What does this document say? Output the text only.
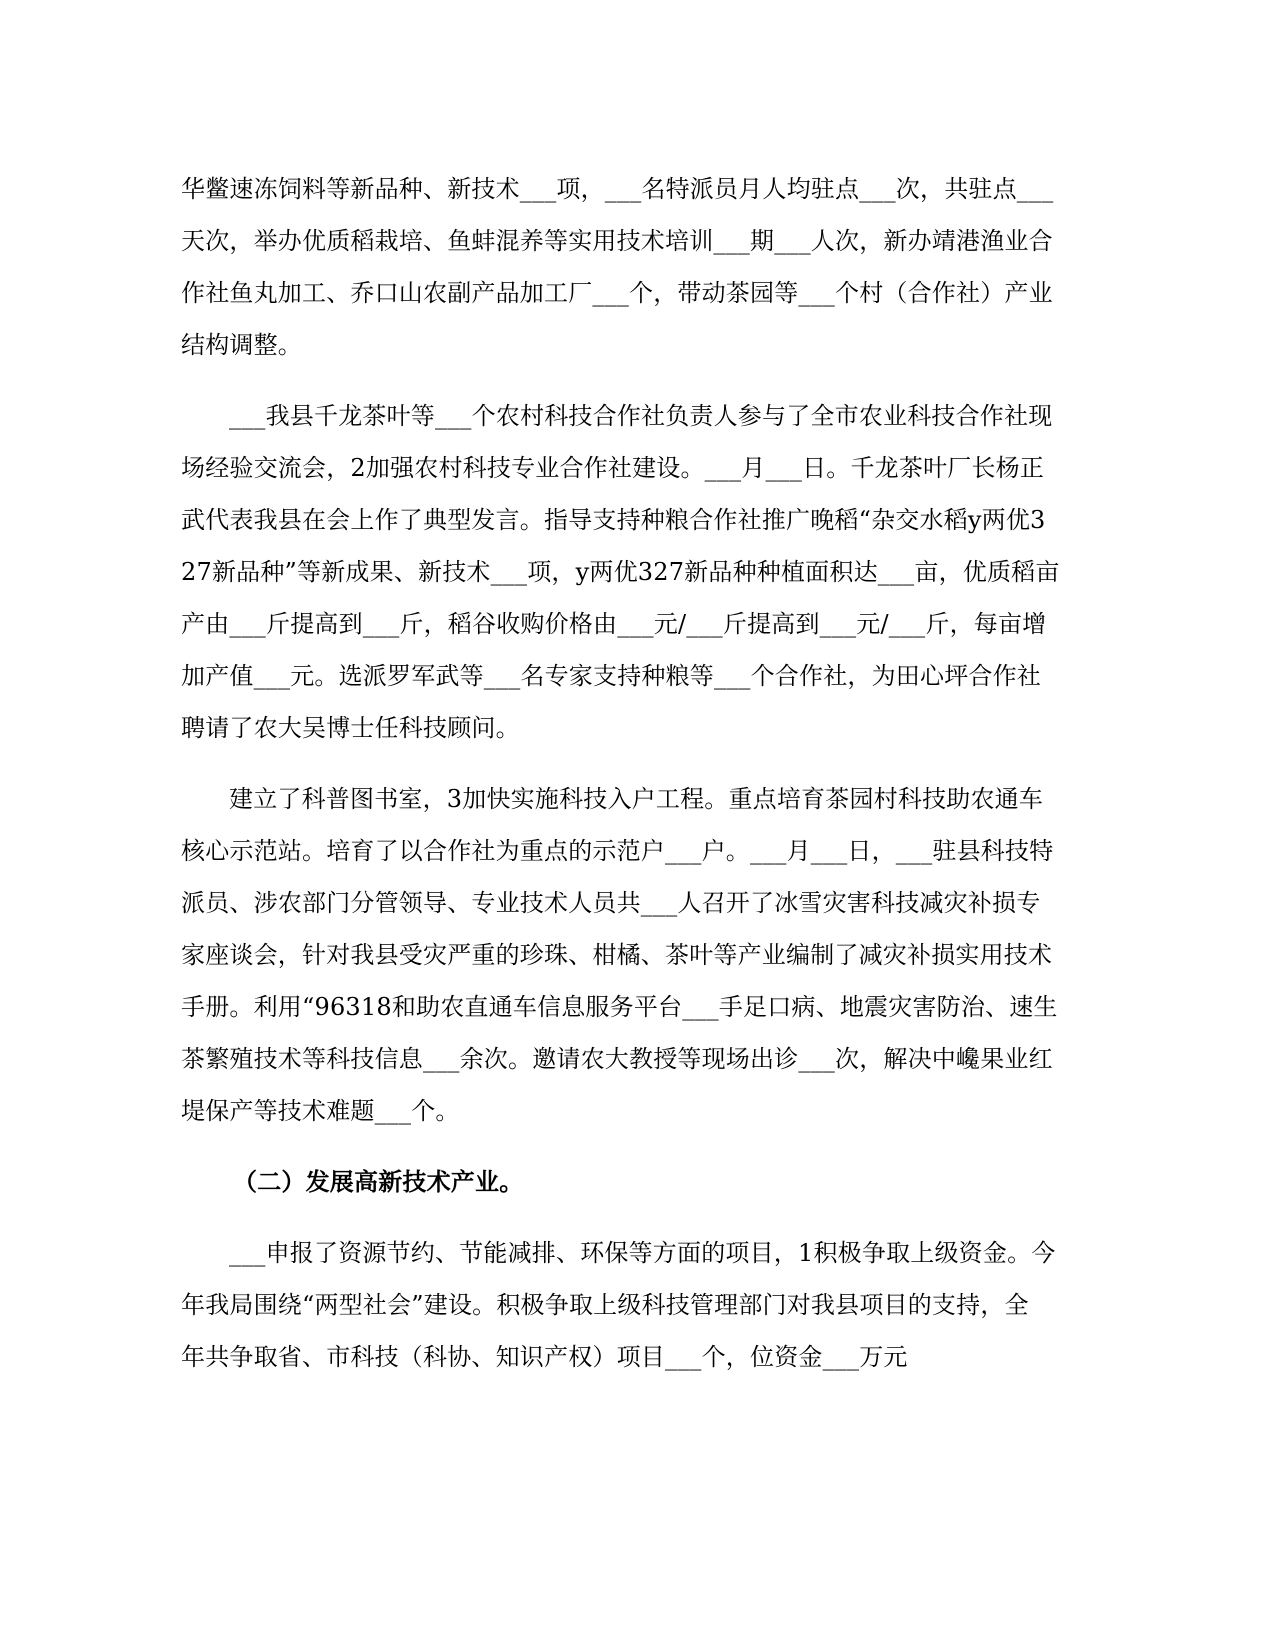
华鳖速冻饲料等新品种、新技术___项，___名特派员月人均驻点___次，共驻点___
天次，举办优质稻栽培、鱼蚌混养等实用技术培训___期___人次，新办靖港渔业合
作社鱼丸加工、乔口山农副产品加工厂___个，带动茶园等___个村（合作社）产业
结构调整。
___我县千龙茶叶等___个农村科技合作社负责人参与了全市农业科技合作社现
场经验交流会，2加强农村科技专业合作社建设。___月___日。千龙茶叶厂长杨正
武代表我县在会上作了典型发言。指导支持种粮合作社推广晚稻“杂交水稻y两优3
27新品种”等新成果、新技术___项，y两优327新品种种植面积达___亩，优质稻亩
产由___斤提高到___斤，稻谷收购价格由___元/___斤提高到___元/___斤，每亩增
加产值___元。选派罗军武等___名专家支持种粮等___个合作社，为田心坪合作社
聘请了农大吴博士任科技顾问。
建立了科普图书室，3加快实施科技入户工程。重点培育茶园村科技助农通车
核心示范站。培育了以合作社为重点的示范户___户。___月___日，___驻县科技特
派员、涉农部门分管领导、专业技术人员共___人召开了冰雪灾害科技减灾补损专
家座谈会，针对我县受灾严重的珍珠、柑橘、茶叶等产业编制了减灾补损实用技术
手册。利用“96318和助农直通车信息服务平台___手足口病、地震灾害防治、速生
茶繁殖技术等科技信息___余次。邀请农大教授等现场出诊___次，解决中巉果业红
堤保产等技术难题___个。
（二）发展高新技术产业。
___申报了资源节约、节能减排、环保等方面的项目，1积极争取上级资金。今
年我局围绕“两型社会”建设。积极争取上级科技管理部门对我县项目的支持，全
年共争取省、市科技（科协、知识产权）项目___个，位资金___万元
